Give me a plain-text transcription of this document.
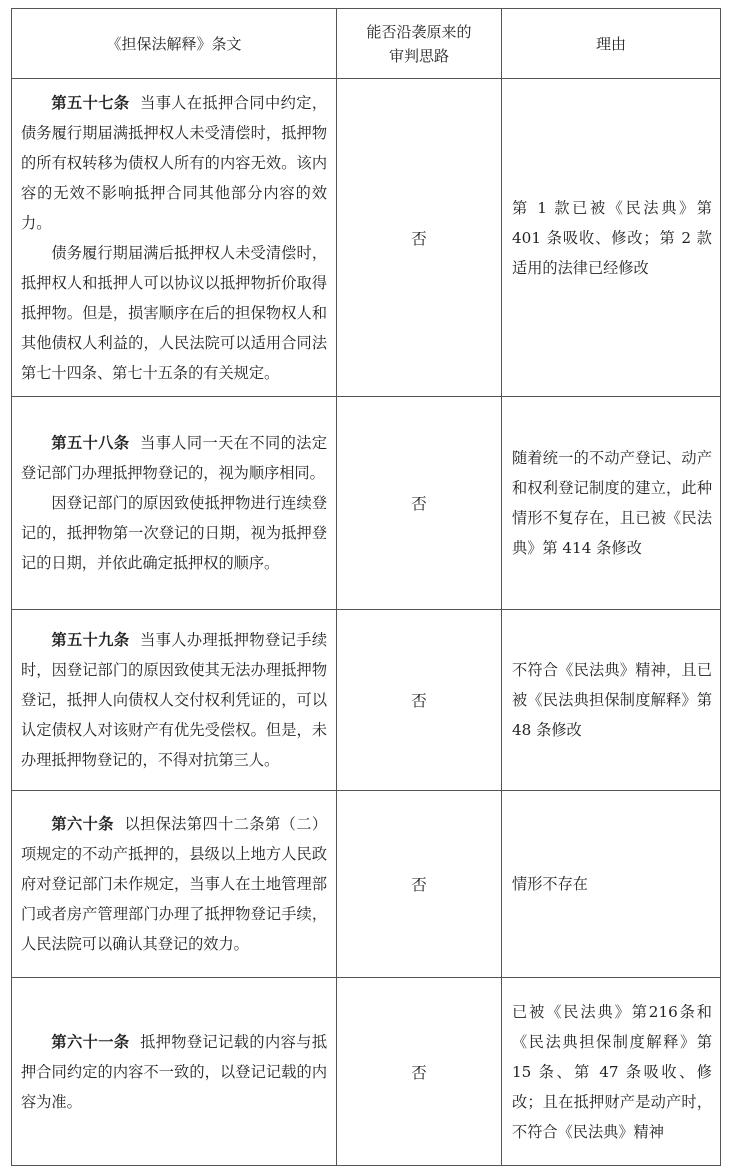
《担保法解释》条文	能否沿袭原来的
审判思路	理由

第五十七条 当事人在抵押合同中约定，债务履行期届满抵押权人未受清偿时，抵押物的所有权转移为债权人所有的内容无效。该内容的无效不影响抵押合同其他部分内容的效力。

债务履行期届满后抵押权人未受清偿时，抵押权人和抵押人可以协议以抵押物折价取得抵押物。但是，损害顺序在后的担保物权人和其他债权人利益的，人民法院可以适用合同法第七十四条、第七十五条的有关规定。	否	第 1 款已被《民法典》第 401 条吸收、修改；第 2 款适用的法律已经修改

第五十八条 当事人同一天在不同的法定登记部门办理抵押物登记的，视为顺序相同。

因登记部门的原因致使抵押物进行连续登记的，抵押物第一次登记的日期，视为抵押登记的日期，并依此确定抵押权的顺序。	否	随着统一的不动产登记、动产和权利登记制度的建立，此种情形不复存在，且已被《民法典》第 414 条修改

第五十九条 当事人办理抵押物登记手续时，因登记部门的原因致使其无法办理抵押物登记，抵押人向债权人交付权利凭证的，可以认定债权人对该财产有优先受偿权。但是，未办理抵押物登记的，不得对抗第三人。	否	不符合《民法典》精神，且已被《民法典担保制度解释》第 48 条修改

第六十条 以担保法第四十二条第（二）项规定的不动产抵押的，县级以上地方人民政府对登记部门未作规定，当事人在土地管理部门或者房产管理部门办理了抵押物登记手续，人民法院可以确认其登记的效力。	否	情形不存在

第六十一条 抵押物登记记载的内容与抵押合同约定的内容不一致的，以登记记载的内容为准。	否	已被《民法典》第216条和《民法典担保制度解释》第 15 条、第 47 条吸收、修改；且在抵押财产是动产时，不符合《民法典》精神
